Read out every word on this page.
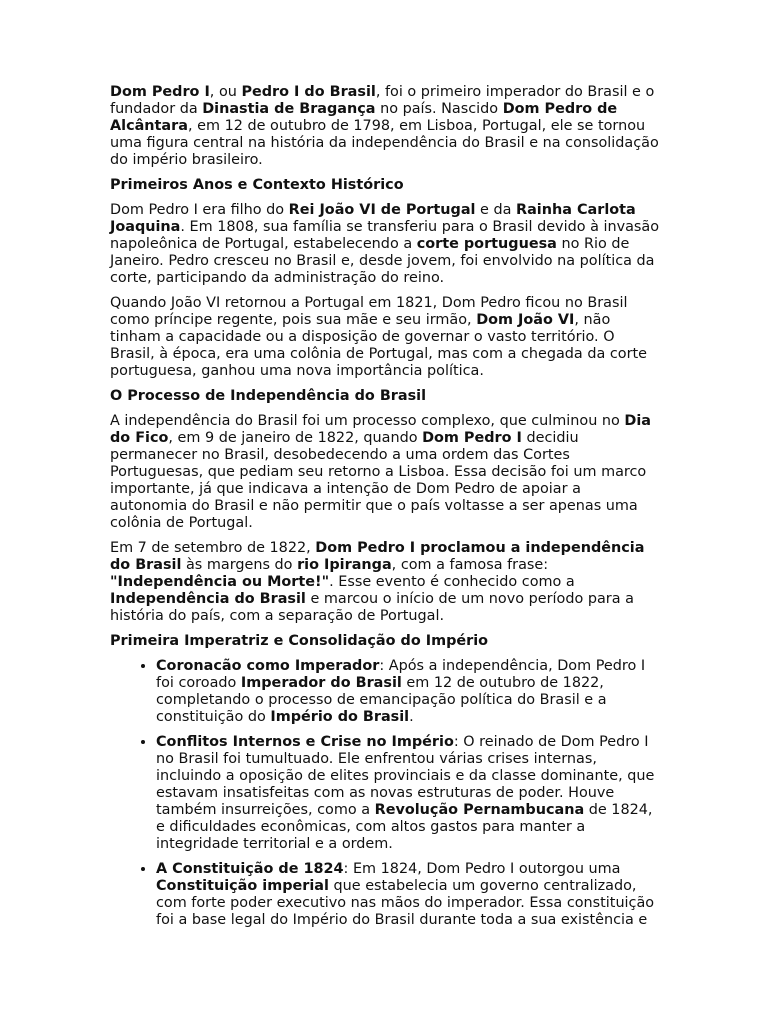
Dom Pedro I, ou Pedro I do Brasil, foi o primeiro imperador do Brasil e o fundador da Dinastia de Bragança no país. Nascido Dom Pedro de Alcântara, em 12 de outubro de 1798, em Lisboa, Portugal, ele se tornou uma figura central na história da independência do Brasil e na consolidação do império brasileiro.

Primeiros Anos e Contexto Histórico

Dom Pedro I era filho do Rei João VI de Portugal e da Rainha Carlota Joaquina. Em 1808, sua família se transferiu para o Brasil devido à invasão napoleônica de Portugal, estabelecendo a corte portuguesa no Rio de Janeiro. Pedro cresceu no Brasil e, desde jovem, foi envolvido na política da corte, participando da administração do reino.

Quando João VI retornou a Portugal em 1821, Dom Pedro ficou no Brasil como príncipe regente, pois sua mãe e seu irmão, Dom João VI, não tinham a capacidade ou a disposição de governar o vasto território. O Brasil, à época, era uma colônia de Portugal, mas com a chegada da corte portuguesa, ganhou uma nova importância política.

O Processo de Independência do Brasil

A independência do Brasil foi um processo complexo, que culminou no Dia do Fico, em 9 de janeiro de 1822, quando Dom Pedro I decidiu permanecer no Brasil, desobedecendo a uma ordem das Cortes Portuguesas, que pediam seu retorno a Lisboa. Essa decisão foi um marco importante, já que indicava a intenção de Dom Pedro de apoiar a autonomia do Brasil e não permitir que o país voltasse a ser apenas uma colônia de Portugal.

Em 7 de setembro de 1822, Dom Pedro I proclamou a independência do Brasil às margens do rio Ipiranga, com a famosa frase: "Independência ou Morte!". Esse evento é conhecido como a Independência do Brasil e marcou o início de um novo período para a história do país, com a separação de Portugal.

Primeira Imperatriz e Consolidação do Império
• Coronacão como Imperador: Após a independência, Dom Pedro I foi coroado Imperador do Brasil em 12 de outubro de 1822, completando o processo de emancipação política do Brasil e a constituição do Império do Brasil.
• Conflitos Internos e Crise no Império: O reinado de Dom Pedro I no Brasil foi tumultuado. Ele enfrentou várias crises internas, incluindo a oposição de elites provinciais e da classe dominante, que estavam insatisfeitas com as novas estruturas de poder. Houve também insurreições, como a Revolução Pernambucana de 1824, e dificuldades econômicas, com altos gastos para manter a integridade territorial e a ordem.
• A Constituição de 1824: Em 1824, Dom Pedro I outorgou uma Constituição imperial que estabelecia um governo centralizado, com forte poder executivo nas mãos do imperador. Essa constituição foi a base legal do Império do Brasil durante toda a sua existência e
